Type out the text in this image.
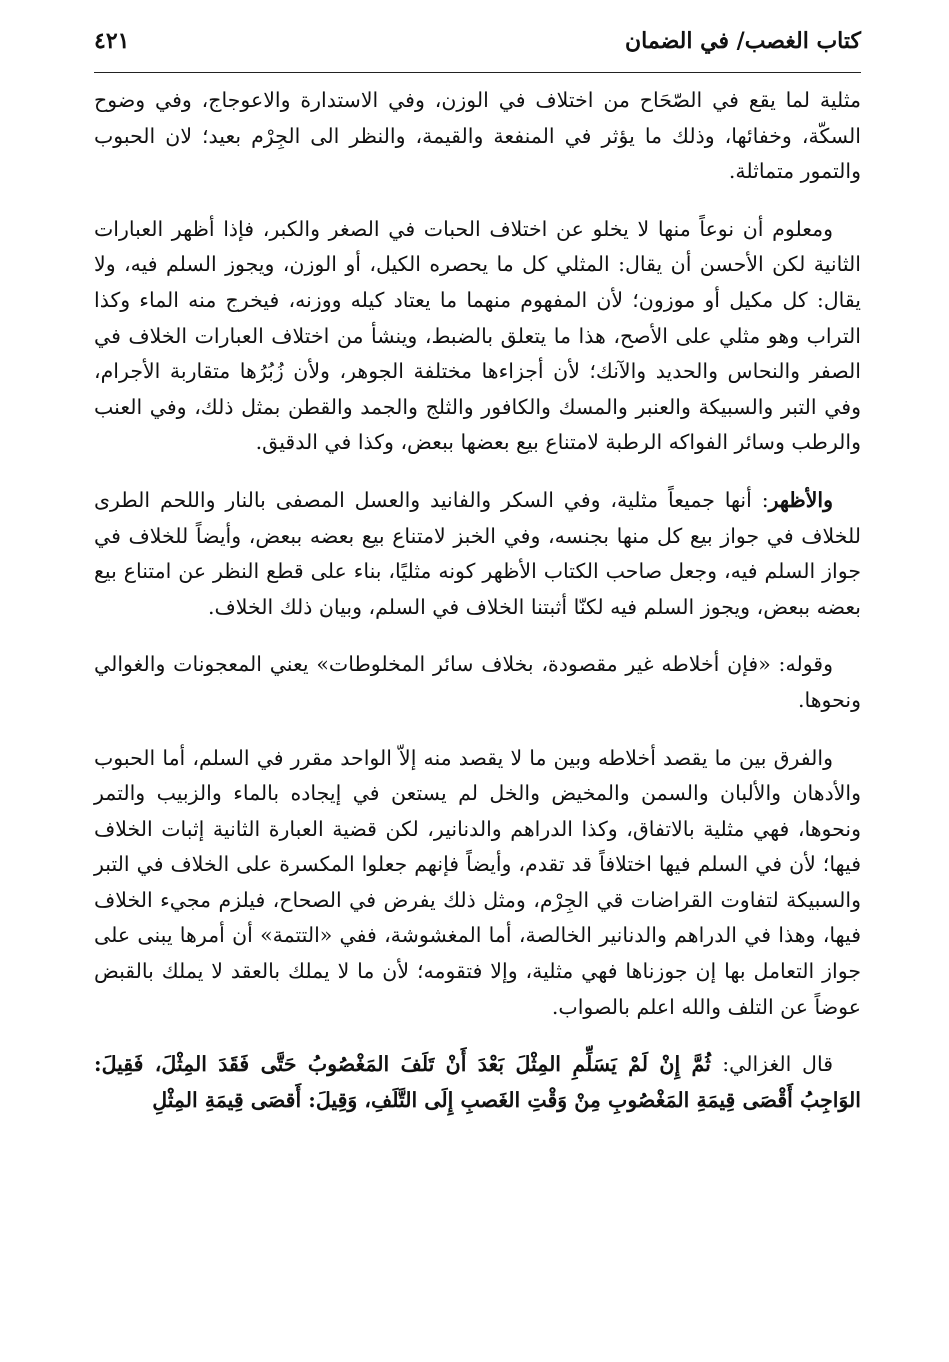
كتاب الغصب/ في الضمان
٤٢١

مثلية لما يقع في الصّحَاح من اختلاف في الوزن، وفي الاستدارة والاعوجاج، وفي وضوح السكّة، وخفائها، وذلك ما يؤثر في المنفعة والقيمة، والنظر الى الجِرْم بعيد؛ لان الحبوب والتمور متماثلة.

ومعلوم أن نوعاً منها لا يخلو عن اختلاف الحبات في الصغر والكبر، فإذا أظهر العبارات الثانية لكن الأحسن أن يقال: المثلي كل ما يحصره الكيل، أو الوزن، ويجوز السلم فيه، ولا يقال: كل مكيل أو موزون؛ لأن المفهوم منهما ما يعتاد كيله ووزنه، فيخرج منه الماء وكذا التراب وهو مثلي على الأصح، هذا ما يتعلق بالضبط، وينشأ من اختلاف العبارات الخلاف في الصفر والنحاس والحديد والآنك؛ لأن أجزاءها مختلفة الجوهر، ولأن زُبُرُها متقاربة الأجرام، وفي التبر والسبيكة والعنبر والمسك والكافور والثلج والجمد والقطن بمثل ذلك، وفي العنب والرطب وسائر الفواكه الرطبة لامتناع بيع بعضها ببعض، وكذا في الدقيق.

والأظهر: أنها جميعاً مثلية، وفي السكر والفانيد والعسل المصفى بالنار واللحم الطرى للخلاف في جواز بيع كل منها بجنسه، وفي الخبز لامتناع بيع بعضه ببعض، وأيضاً للخلاف في جواز السلم فيه، وجعل صاحب الكتاب الأظهر كونه مثليًا، بناء على قطع النظر عن امتناع بيع بعضه ببعض، ويجوز السلم فيه لكنّا أثبتنا الخلاف في السلم، وبيان ذلك الخلاف.

وقوله: «فإن أخلاطه غير مقصودة، بخلاف سائر المخلوطات» يعني المعجونات والغوالي ونحوها.

والفرق بين ما يقصد أخلاطه وبين ما لا يقصد منه إلاّ الواحد مقرر في السلم، أما الحبوب والأدهان والألبان والسمن والمخيض والخل لم يستعن في إيجاده بالماء والزبيب والتمر ونحوها، فهي مثلية بالاتفاق، وكذا الدراهم والدنانير، لكن قضية العبارة الثانية إثبات الخلاف فيها؛ لأن في السلم فيها اختلافاً قد تقدم، وأيضاً فإنهم جعلوا المكسرة على الخلاف في التبر والسبيكة لتفاوت القراضات قي الجِرْم، ومثل ذلك يفرض في الصحاح، فيلزم مجيء الخلاف فيها، وهذا في الدراهم والدنانير الخالصة، أما المغشوشة، ففي «التتمة» أن أمرها يبنى على جواز التعامل بها إن جوزناها فهي مثلية، وإلا فتقومه؛ لأن ما لا يملك بالعقد لا يملك بالقبض عوضاً عن التلف والله اعلم بالصواب.

قال الغزالي: ثُمَّ إِنْ لَمْ يَسَلِّمِ المِثْلَ بَعْدَ أَنْ تَلَفَ المَغْصُوبُ حَتَّى فَقَدَ المِثْلَ، فَقِيلَ: الوَاجِبُ أَقْصَى قِيمَةِ المَغْصُوبِ مِنْ وَقْتِ الغَصبِ إِلَى التَّلَفِ، وَقِيلَ: أَقصَى قِيمَةِ المِثْلِ
